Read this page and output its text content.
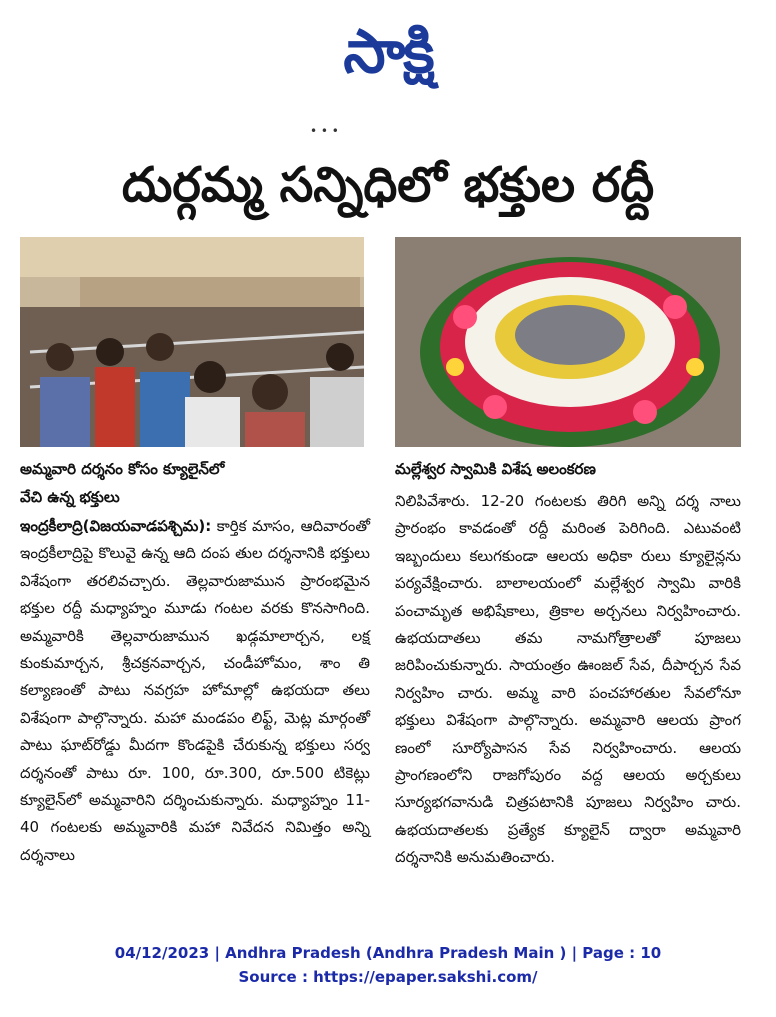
సాక్షి
• • •
దుర్గమ్మ సన్నిధిలో భక్తుల రద్దీ
అమ్మవారి దర్శనం కోసం క్యూలైన్‌లో
వేచి ఉన్న భక్తులు
మల్లేశ్వర స్వామికి విశేష అలంకరణ
ఇంద్రకీలాద్రి(విజయవాడపశ్చిమ): కార్తిక మాసం, ఆదివారంతో ఇంద్రకీలాద్రిపై కొలువై ఉన్న ఆది దంప తుల దర్శనానికి భక్తులు విశేషంగా తరలివచ్చారు. తెల్లవారుజామున ప్రారంభమైన భక్తుల రద్దీ మధ్యాహ్నం మూడు గంటల వరకు కొనసాగింది. అమ్మవారికి తెల్లవారుజామున ఖడ్గమాలార్చన, లక్ష కుంకుమార్చన, శ్రీచక్రనవార్చన, చండీహోమం, శాం తి కల్యాణంతో పాటు నవగ్రహ హోమాల్లో ఉభయదా తలు విశేషంగా పాల్గొన్నారు. మహా మండపం లిఫ్ట్, మెట్ల మార్గంతో పాటు ఘాట్‌రోడ్డు మీదగా కొండపైకి చేరుకున్న భక్తులు సర్వ దర్శనంతో పాటు రూ. 100, రూ.300, రూ.500 టికెట్లు క్యూలైన్‌లో అమ్మవారిని దర్శించుకున్నారు. మధ్యాహ్నం 11-40 గంటలకు అమ్మవారికి మహా నివేదన నిమిత్తం అన్ని దర్శనాలు
నిలిపివేశారు. 12-20 గంటలకు తిరిగి అన్ని దర్శ నాలు ప్రారంభం కావడంతో రద్దీ మరింత పెరిగింది. ఎటువంటి ఇబ్బందులు కలుగకుండా ఆలయ అధికా రులు క్యూలైన్లను పర్యవేక్షించారు. బాలాలయంలో మల్లేశ్వర స్వామి వారికి పంచామృత అభిషేకాలు, త్రికాల అర్చనలు నిర్వహించారు. ఉభయదాతలు తమ నామగోత్రాలతో పూజలు జరిపించుకున్నారు. సాయంత్రం ఊంజల్ సేవ, దీపార్చన సేవ నిర్వహిం చారు. అమ్మ వారి పంచహారతుల సేవలోనూ భక్తులు విశేషంగా పాల్గొన్నారు. అమ్మవారి ఆలయ ప్రాంగ ణంలో సూర్యోపాసన సేవ నిర్వహించారు. ఆలయ ప్రాంగణంలోని రాజగోపురం వద్ద ఆలయ అర్చకులు సూర్యభగవానుడి చిత్రపటానికి పూజలు నిర్వహిం చారు. ఉభయదాతలకు ప్రత్యేక క్యూలైన్ ద్వారా అమ్మవారి దర్శనానికి అనుమతించారు.
04/12/2023 | Andhra Pradesh (Andhra Pradesh Main ) | Page : 10
Source : https://epaper.sakshi.com/
